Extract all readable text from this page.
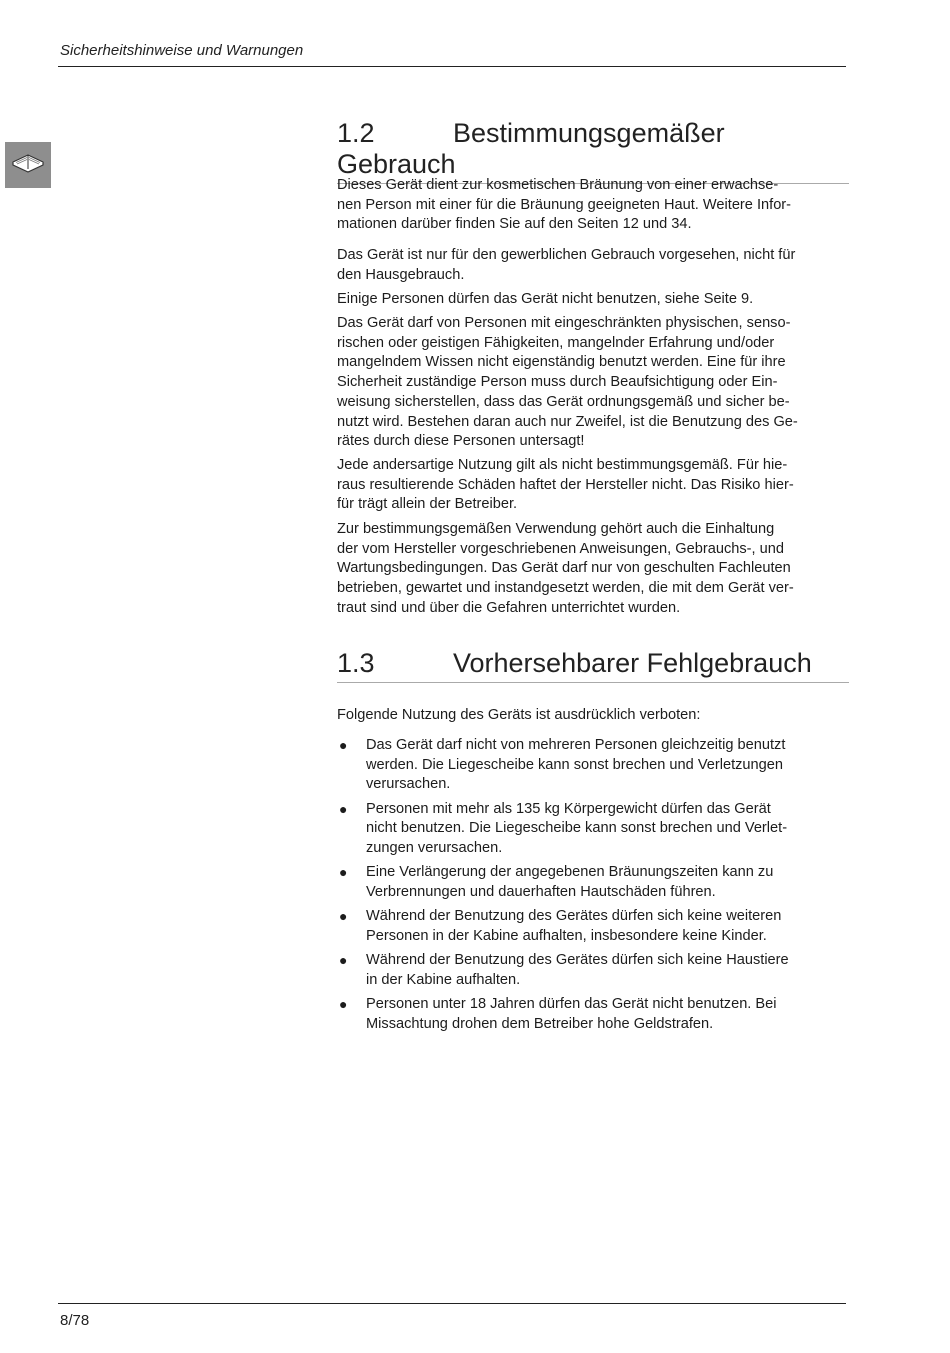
Sicherheitshinweise und Warnungen
1.2	Bestimmungsgemäßer Gebrauch

Dieses Gerät dient zur kosmetischen Bräunung von einer erwachse-
nen Person mit einer für die Bräunung geeigneten Haut. Weitere Infor-
mationen darüber finden Sie auf den Seiten 12 und 34.

Das Gerät ist nur für den gewerblichen Gebrauch vorgesehen, nicht für
den Hausgebrauch.

Einige Personen dürfen das Gerät nicht benutzen, siehe Seite 9.

Das Gerät darf von Personen mit eingeschränkten physischen, senso-
rischen oder geistigen Fähigkeiten, mangelnder Erfahrung und/oder
mangelndem Wissen nicht eigenständig benutzt werden. Eine für ihre
Sicherheit zuständige Person muss durch Beaufsichtigung oder Ein-
weisung sicherstellen, dass das Gerät ordnungsgemäß und sicher be-
nutzt wird. Bestehen daran auch nur Zweifel, ist die Benutzung des Ge-
rätes durch diese Personen untersagt!

Jede andersartige Nutzung gilt als nicht bestimmungsgemäß. Für hie-
raus resultierende Schäden haftet der Hersteller nicht. Das Risiko hier-
für trägt allein der Betreiber.

Zur bestimmungsgemäßen Verwendung gehört auch die Einhaltung
der vom Hersteller vorgeschriebenen Anweisungen, Gebrauchs-, und
Wartungsbedingungen. Das Gerät darf nur von geschulten Fachleuten
betrieben, gewartet und instandgesetzt werden, die mit dem Gerät ver-
traut sind und über die Gefahren unterrichtet wurden.

1.3	Vorhersehbarer Fehlgebrauch

Folgende Nutzung des Geräts ist ausdrücklich verboten:

● Das Gerät darf nicht von mehreren Personen gleichzeitig benutzt
werden. Die Liegescheibe kann sonst brechen und Verletzungen
verursachen.
● Personen mit mehr als 135 kg Körpergewicht dürfen das Gerät
nicht benutzen. Die Liegescheibe kann sonst brechen und Verlet-
zungen verursachen.
● Eine Verlängerung der angegebenen Bräunungszeiten kann zu
Verbrennungen und dauerhaften Hautschäden führen.
● Während der Benutzung des Gerätes dürfen sich keine weiteren
Personen in der Kabine aufhalten, insbesondere keine Kinder.
● Während der Benutzung des Gerätes dürfen sich keine Haustiere
in der Kabine aufhalten.
● Personen unter 18 Jahren dürfen das Gerät nicht benutzen. Bei
Missachtung drohen dem Betreiber hohe Geldstrafen.
8/78
